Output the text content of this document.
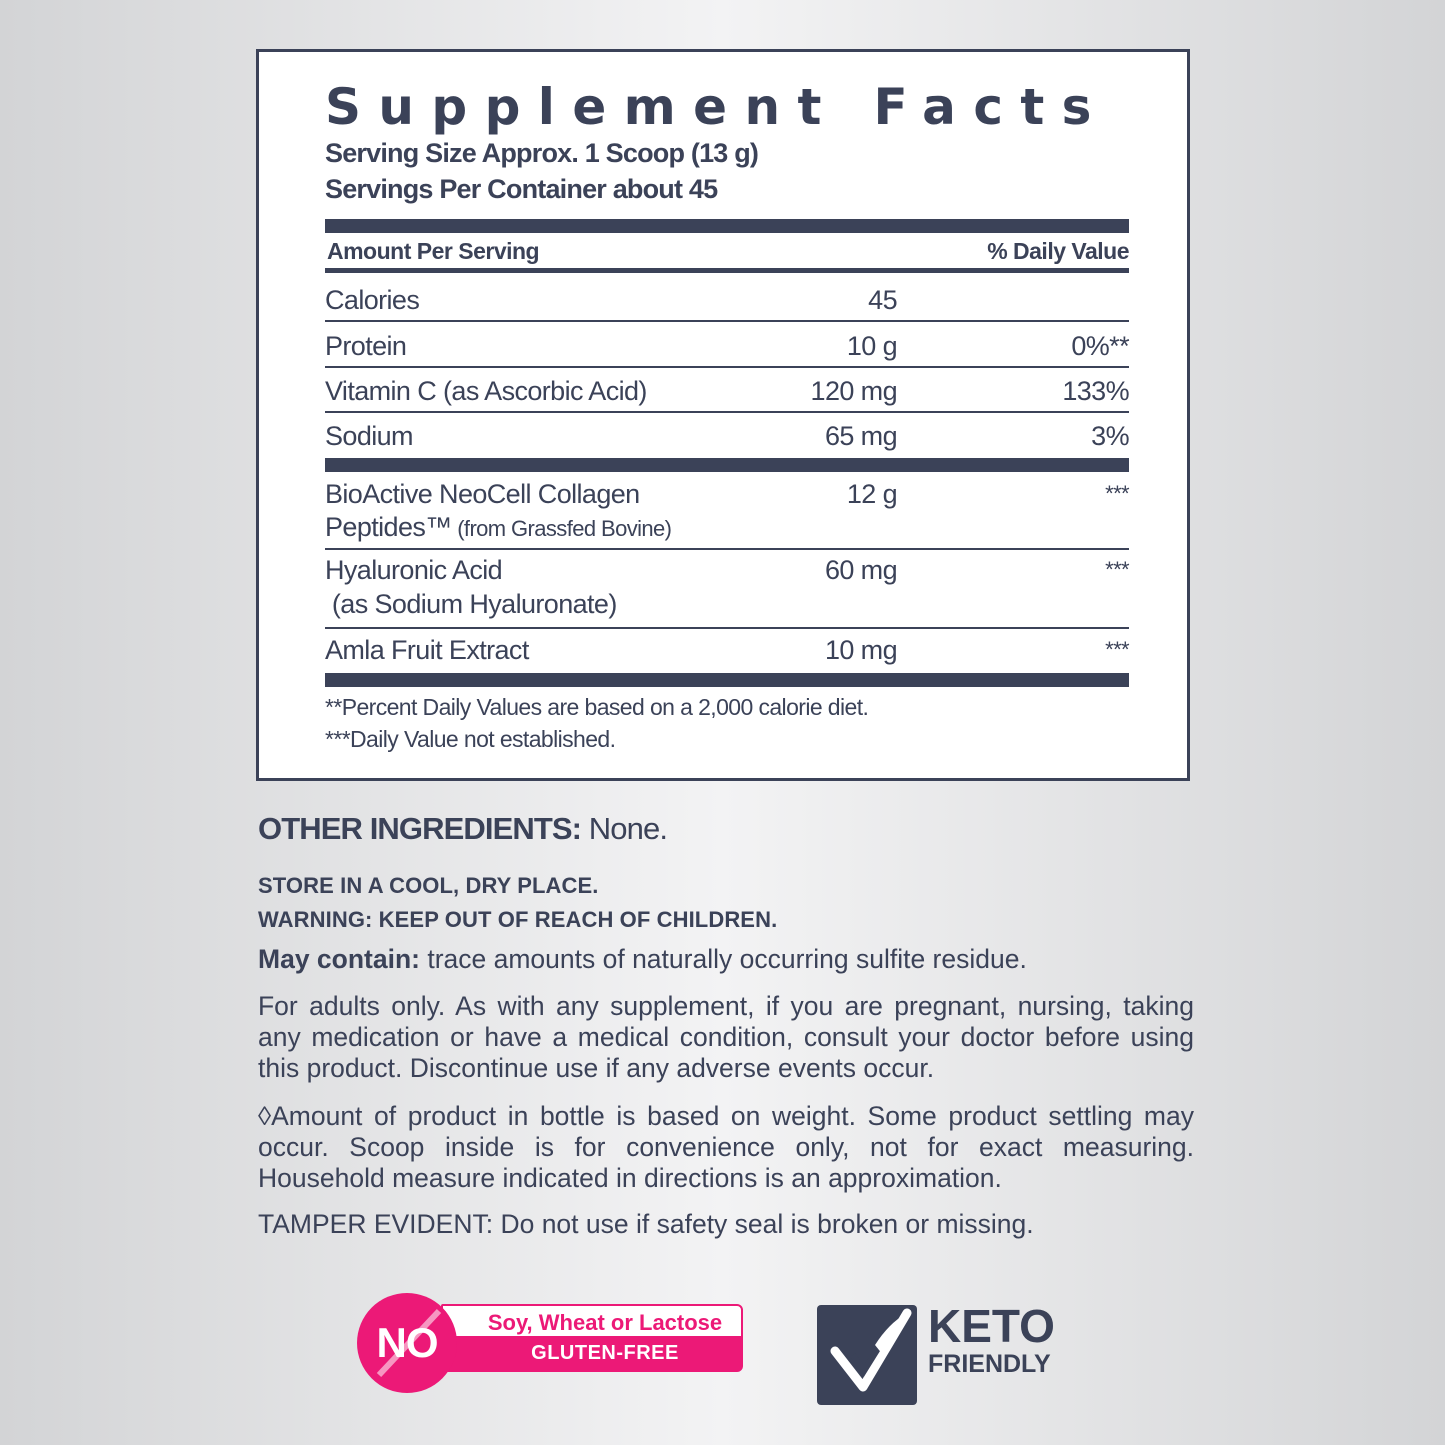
Supplement Facts
Serving Size Approx. 1 Scoop (13 g)
Servings Per Container about 45
Amount Per Serving	% Daily Value
Calories	45
Protein	10 g	0%**
Vitamin C (as Ascorbic Acid)	120 mg	133%
Sodium	65 mg	3%
BioActive NeoCell Collagen
Peptides™ (from Grassfed Bovine)
12 g	***
Hyaluronic Acid
(as Sodium Hyaluronate)
60 mg	***
Amla Fruit Extract	10 mg	***
**Percent Daily Values are based on a 2,000 calorie diet.
***Daily Value not established.
OTHER INGREDIENTS: None.
STORE IN A COOL, DRY PLACE.
WARNING: KEEP OUT OF REACH OF CHILDREN.
May contain: trace amounts of naturally occurring sulfite residue.
For adults only. As with any supplement, if you are pregnant, nursing, taking any medication or have a medical condition, consult your doctor before using this product. Discontinue use if any adverse events occur.
◊Amount of product in bottle is based on weight. Some product settling may occur. Scoop inside is for convenience only, not for exact measuring. Household measure indicated in directions is an approximation.
TAMPER EVIDENT: Do not use if safety seal is broken or missing.
Soy, Wheat or Lactose
GLUTEN-FREE
NO	KETO
FRIENDLY
